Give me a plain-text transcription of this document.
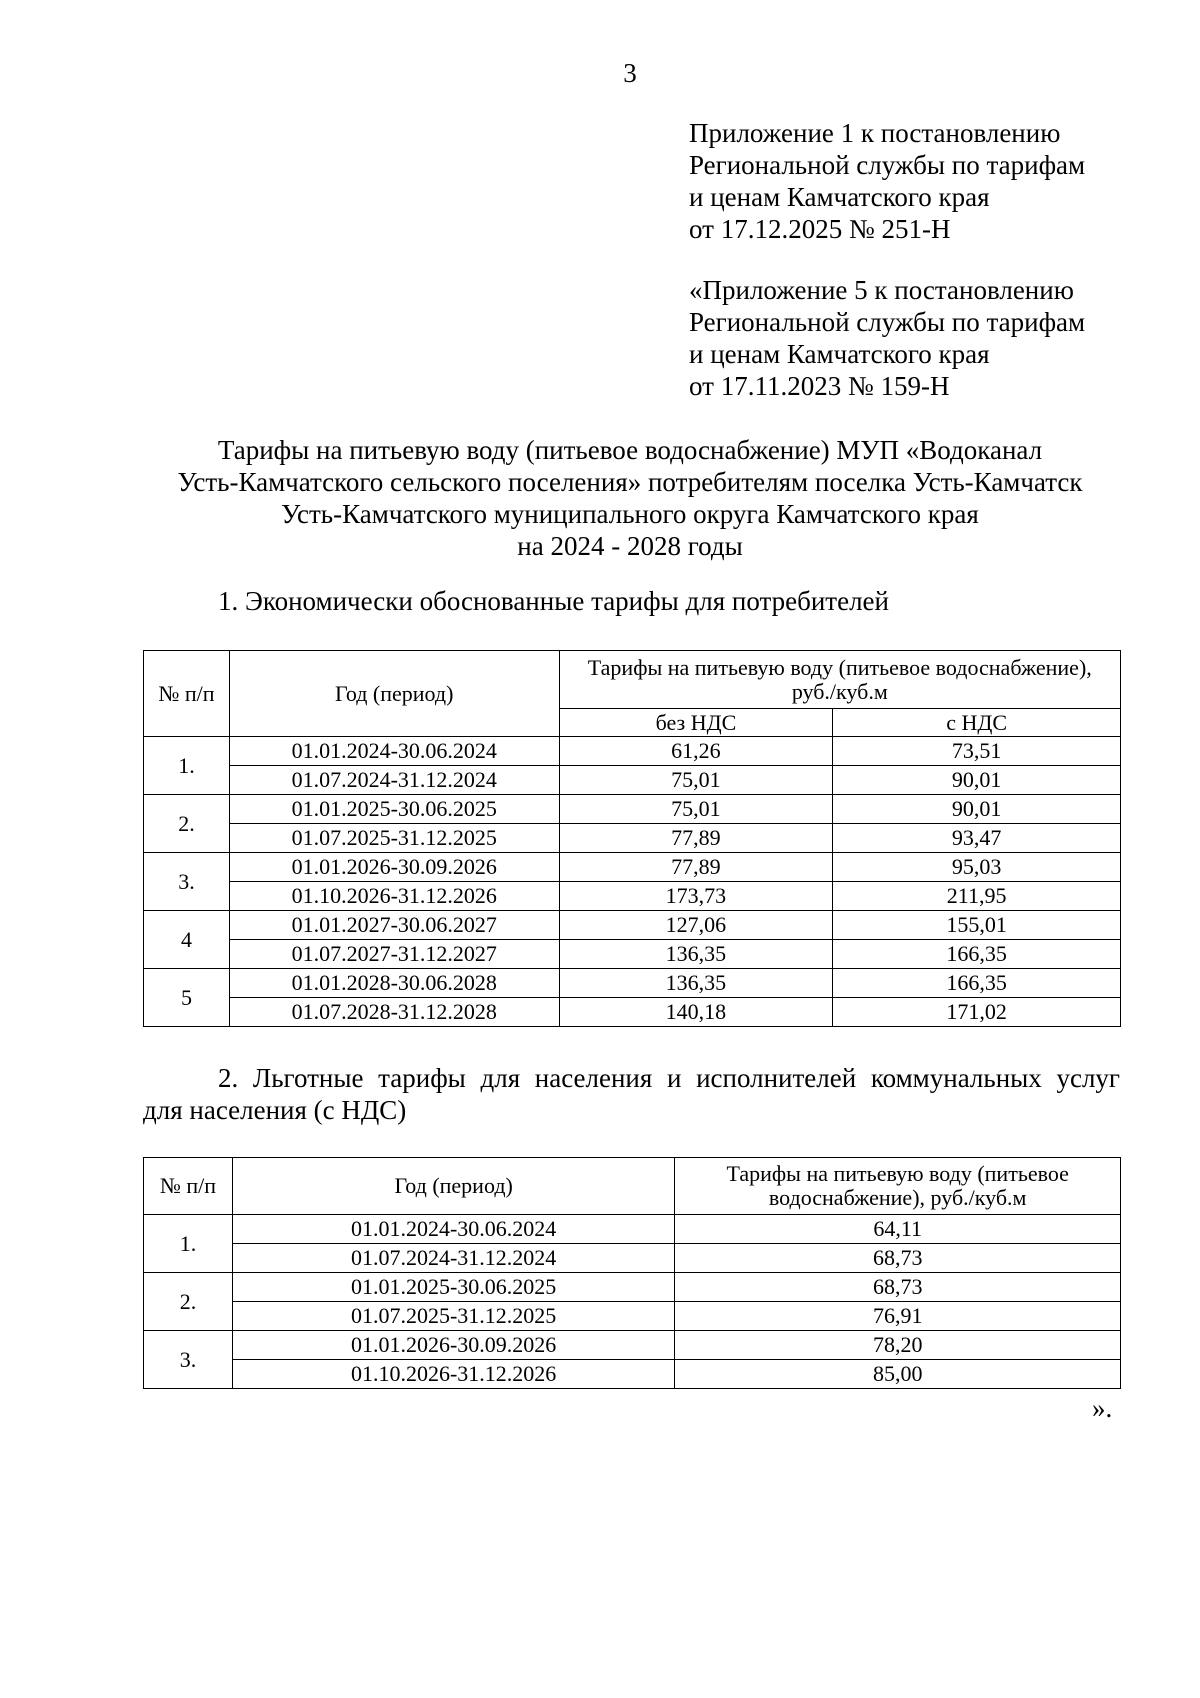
3
Приложение 1 к постановлению
Региональной службы по тарифам
и ценам Камчатского края
от 17.12.2025 № 251-Н
«Приложение 5 к постановлению
Региональной службы по тарифам
и ценам Камчатского края
от 17.11.2023 № 159-Н
Тарифы на питьевую воду (питьевое водоснабжение) МУП «Водоканал
Усть-Камчатского сельского поселения» потребителям поселка Усть-Камчатск
Усть-Камчатского муниципального округа Камчатского края
на 2024 - 2028 годы
1. Экономически обоснованные тарифы для потребителей
№ п/п	Год (период)	Тарифы на питьевую воду (питьевое водоснабжение), руб./куб.м	
		без НДС	с НДС
1.	01.01.2024-30.06.2024	61,26	73,51
	01.07.2024-31.12.2024	75,01	90,01
2.	01.01.2025-30.06.2025	75,01	90,01
	01.07.2025-31.12.2025	77,89	93,47
3.	01.01.2026-30.09.2026	77,89	95,03
	01.10.2026-31.12.2026	173,73	211,95
4	01.01.2027-30.06.2027	127,06	155,01
	01.07.2027-31.12.2027	136,35	166,35
5	01.01.2028-30.06.2028	136,35	166,35
	01.07.2028-31.12.2028	140,18	171,02
2. Льготные тарифы для населения и исполнителей коммунальных услуг
для населения (с НДС)
№ п/п	Год (период)	Тарифы на питьевую воду (питьевое водоснабжение), руб./куб.м
1.	01.01.2024-30.06.2024	64,11
	01.07.2024-31.12.2024	68,73
2.	01.01.2025-30.06.2025	68,73
	01.07.2025-31.12.2025	76,91
3.	01.01.2026-30.09.2026	78,20
	01.10.2026-31.12.2026	85,00
».
